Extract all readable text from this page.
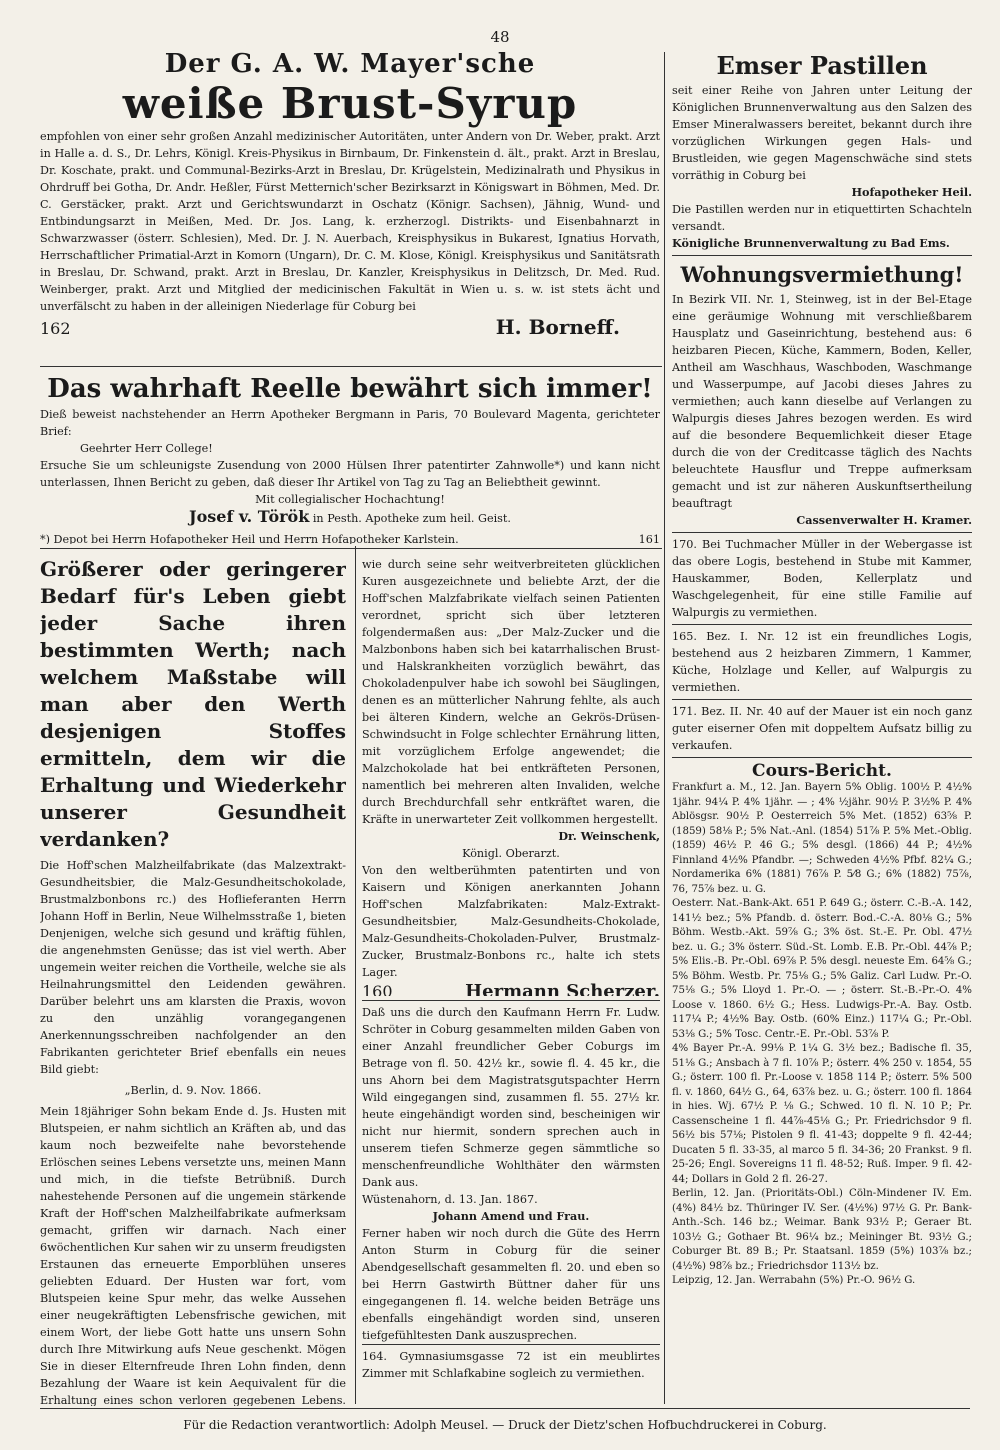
48

Der G. A. W. Mayer'sche

weiße Brust-Syrup

empfohlen von einer sehr großen Anzahl medizinischer Autoritäten, unter Andern von Dr. Weber, prakt. Arzt in Halle a. d. S., Dr. Lehrs, Königl. Kreis-Physikus in Birnbaum, Dr. Finkenstein d. ält., prakt. Arzt in Breslau, Dr. Koschate, prakt. und Communal-Bezirks-Arzt in Breslau, Dr. Krügelstein, Medizinalrath und Physikus in Ohrdruff bei Gotha, Dr. Andr. Heßler, Fürst Metternich'scher Bezirksarzt in Königswart in Böhmen, Med. Dr. C. Gerstäcker, prakt. Arzt und Gerichtswundarzt in Oschatz (Königr. Sachsen), Jähnig, Wund- und Entbindungsarzt in Meißen, Med. Dr. Jos. Lang, k. erzherzogl. Distrikts- und Eisenbahnarzt in Schwarzwasser (österr. Schlesien), Med. Dr. J. N. Auerbach, Kreisphysikus in Bukarest, Ignatius Horvath, Herrschaftlicher Primatial-Arzt in Komorn (Ungarn), Dr. C. M. Klose, Königl. Kreisphysikus und Sanitätsrath in Breslau, Dr. Schwand, prakt. Arzt in Breslau, Dr. Kanzler, Kreisphysikus in Delitzsch, Dr. Med. Rud. Weinberger, prakt. Arzt und Mitglied der medicinischen Fakultät in Wien u. s. w. ist stets ächt und unverfälscht zu haben in der alleinigen Niederlage für Coburg bei

162	H. Borneff.

Das wahrhaft Reelle bewährt sich immer!

Dieß beweist nachstehender an Herrn Apotheker Bergmann in Paris, 70 Boulevard Magenta, gerichteter Brief:

Geehrter Herr College!

Ersuche Sie um schleunigste Zusendung von 2000 Hülsen Ihrer patentirter Zahnwolle*) und kann nicht unterlassen, Ihnen Bericht zu geben, daß dieser Ihr Artikel von Tag zu Tag an Beliebtheit gewinnt.

Mit collegialischer Hochachtung!

Josef v. Török in Pesth. Apotheke zum heil. Geist.

*) Depot bei Herrn Hofapotheker Heil und Herrn Hofapotheker Karlstein.	161

Größerer oder geringerer Bedarf für's Leben giebt jeder Sache ihren bestimmten Werth; nach welchem Maßstabe will man aber den Werth desjenigen Stoffes ermitteln, dem wir die Erhaltung und Wiederkehr unserer Gesundheit verdanken?

Die Hoff'schen Malzheilfabrikate (das Malzextrakt-Gesundheitsbier, die Malz-Gesundheitschokolade, Brustmalzbonbons rc.) des Hoflieferanten Herrn Johann Hoff in Berlin, Neue Wilhelmsstraße 1, bieten Denjenigen, welche sich gesund und kräftig fühlen, die angenehmsten Genüsse; das ist viel werth. Aber ungemein weiter reichen die Vortheile, welche sie als Heilnahrungsmittel den Leidenden gewähren. Darüber belehrt uns am klarsten die Praxis, wovon zu den unzählig vorangegangenen Anerkennungsschreiben nachfolgender an den Fabrikanten gerichteter Brief ebenfalls ein neues Bild giebt:

„Berlin, d. 9. Nov. 1866.

Mein 18jähriger Sohn bekam Ende d. Js. Husten mit Blutspeien, er nahm sichtlich an Kräften ab, und das kaum noch bezweifelte nahe bevorstehende Erlöschen seines Lebens versetzte uns, meinen Mann und mich, in die tiefste Betrübniß. Durch nahestehende Personen auf die ungemein stärkende Kraft der Hoff'schen Malzheilfabrikate aufmerksam gemacht, griffen wir darnach. Nach einer 6wöchentlichen Kur sahen wir zu unserm freudigsten Erstaunen das erneuerte Emporblühen unseres geliebten Eduard. Der Husten war fort, vom Blutspeien keine Spur mehr, das welke Aussehen einer neugekräftigten Lebensfrische gewichen, mit einem Wort, der liebe Gott hatte uns unsern Sohn durch Ihre Mitwirkung aufs Neue geschenkt. Mögen Sie in dieser Elternfreude Ihren Lohn finden, denn Bezahlung der Waare ist kein Aequivalent für die Erhaltung eines schon verloren gegebenen Lebens.

wie durch seine sehr weitverbreiteten glücklichen Kuren ausgezeichnete und beliebte Arzt, der die Hoff'schen Malzfabrikate vielfach seinen Patienten verordnet, spricht sich über letzteren folgendermaßen aus: „Der Malz-Zucker und die Malzbonbons haben sich bei katarrhalischen Brust- und Halskrankheiten vorzüglich bewährt, das Chokoladenpulver habe ich sowohl bei Säuglingen, denen es an mütterlicher Nahrung fehlte, als auch bei älteren Kindern, welche an Gekrös-Drüsen-Schwindsucht in Folge schlechter Ernährung litten, mit vorzüglichem Erfolge angewendet; die Malzchokolade hat bei entkräfteten Personen, namentlich bei mehreren alten Invaliden, welche durch Brechdurchfall sehr entkräftet waren, die Kräfte in unerwarteter Zeit vollkommen hergestellt.

Dr. Weinschenk,

Königl. Oberarzt.

Von den weltberühmten patentirten und von Kaisern und Königen anerkannten Johann Hoff'schen Malzfabrikaten: Malz-Extrakt-Gesundheitsbier, Malz-Gesundheits-Chokolade, Malz-Gesundheits-Chokoladen-Pulver, Brustmalz-Zucker, Brustmalz-Bonbons rc., halte ich stets Lager.

160	Hermann Scherzer.

Daß uns die durch den Kaufmann Herrn Fr. Ludw. Schröter in Coburg gesammelten milden Gaben von einer Anzahl freundlicher Geber Coburgs im Betrage von fl. 50. 42½ kr., sowie fl. 4. 45 kr., die uns Ahorn bei dem Magistratsgutspachter Herrn Wild eingegangen sind, zusammen fl. 55. 27½ kr. heute eingehändigt worden sind, bescheinigen wir nicht nur hiermit, sondern sprechen auch in unserem tiefen Schmerze gegen sämmtliche so menschenfreundliche Wohlthäter den wärmsten Dank aus.

Wüstenahorn, d. 13. Jan. 1867.

Johann Amend und Frau.

Ferner haben wir noch durch die Güte des Herrn Anton Sturm in Coburg für die seiner Abendgesellschaft gesammelten fl. 20. und eben so bei Herrn Gastwirth Büttner daher für uns eingegangenen fl. 14. welche beiden Beträge uns ebenfalls eingehändigt worden sind, unseren tiefgefühltesten Dank auszusprechen.

164. Gymnasiumsgasse 72 ist ein meublirtes Zimmer mit Schlafkabine sogleich zu vermiethen.

Emser Pastillen

seit einer Reihe von Jahren unter Leitung der Königlichen Brunnenverwaltung aus den Salzen des Emser Mineralwassers bereitet, bekannt durch ihre vorzüglichen Wirkungen gegen Hals- und Brustleiden, wie gegen Magenschwäche sind stets vorräthig in Coburg bei

Hofapotheker Heil.

Die Pastillen werden nur in etiquettirten Schachteln versandt.

Königliche Brunnenverwaltung zu Bad Ems.

Wohnungsvermiethung!

In Bezirk VII. Nr. 1, Steinweg, ist in der Bel-Etage eine geräumige Wohnung mit verschließbarem Hausplatz und Gaseinrichtung, bestehend aus: 6 heizbaren Piecen, Küche, Kammern, Boden, Keller, Antheil am Waschhaus, Waschboden, Waschmange und Wasserpumpe, auf Jacobi dieses Jahres zu vermiethen; auch kann dieselbe auf Verlangen zu Walpurgis dieses Jahres bezogen werden. Es wird auf die besondere Bequemlichkeit dieser Etage durch die von der Creditcasse täglich des Nachts beleuchtete Hausflur und Treppe aufmerksam gemacht und ist zur näheren Auskunftsertheilung beauftragt

Cassenverwalter H. Kramer.

170. Bei Tuchmacher Müller in der Webergasse ist das obere Logis, bestehend in Stube mit Kammer, Hauskammer, Boden, Kellerplatz und Waschgelegenheit, für eine stille Familie auf Walpurgis zu vermiethen.

165. Bez. I. Nr. 12 ist ein freundliches Logis, bestehend aus 2 heizbaren Zimmern, 1 Kammer, Küche, Holzlage und Keller, auf Walpurgis zu vermiethen.

171. Bez. II. Nr. 40 auf der Mauer ist ein noch ganz guter eiserner Ofen mit doppeltem Aufsatz billig zu verkaufen.

Cours-Bericht.

Frankfurt a. M., 12. Jan. Bayern 5% Oblig. 100½ P. 4½% 1jähr. 94¼ P. 4% 1jähr. — ; 4% ½jähr. 90½ P. 3½% P. 4% Ablösgsr. 90½ P. Oesterreich 5% Met. (1852) 63⅝ P. (1859) 58⅛ P.; 5% Nat.-Anl. (1854) 51⅞ P. 5% Met.-Oblig. (1859) 46½ P. 46 G.; 5% desgl. (1866) 44 P.; 4½% Finnland 4½% Pfandbr. —; Schweden 4½% Pfbf. 82¼ G.; Nordamerika 6% (1881) 76⅞ P. 5⁄8 G.; 6% (1882) 75⅞, 76, 75⅞ bez. u. G.

Oesterr. Nat.-Bank-Akt. 651 P. 649 G.; österr. C.-B.-A. 142, 141½ bez.; 5% Pfandb. d. österr. Bod.-C.-A. 80⅛ G.; 5% Böhm. Westb.-Akt. 59⅞ G.; 3% öst. St.-E. Pr. Obl. 47½ bez. u. G.; 3% österr. Süd.-St. Lomb. E.B. Pr.-Obl. 44⅞ P.; 5% Elis.-B. Pr.-Obl. 69⅞ P. 5% desgl. neueste Em. 64⅝ G.; 5% Böhm. Westb. Pr. 75⅛ G.; 5% Galiz. Carl Ludw. Pr.-O. 75⅛ G.; 5% Lloyd 1. Pr.-O. — ; österr. St.-B.-Pr.-O. 4% Loose v. 1860. 6½ G.; Hess. Ludwigs-Pr.-A. Bay. Ostb. 117¼ P.; 4½% Bay. Ostb. (60% Einz.) 117¼ G.; Pr.-Obl. 53⅛ G.; 5% Tosc. Centr.-E. Pr.-Obl. 53⅞ P.

4% Bayer Pr.-A. 99⅛ P. 1¼ G. 3½ bez.; Badische fl. 35, 51⅛ G.; Ansbach à 7 fl. 10⅞ P.; österr. 4% 250 v. 1854, 55 G.; österr. 100 fl. Pr.-Loose v. 1858 114 P.; österr. 5% 500 fl. v. 1860, 64½ G., 64, 63⅞ bez. u. G.; österr. 100 fl. 1864 in hies. Wj. 67½ P. ⅛ G.; Schwed. 10 fl. N. 10 P.; Pr. Cassenscheine 1 fl. 44⅞-45⅛ G.; Pr. Friedrichsdor 9 fl. 56½ bis 57⅛; Pistolen 9 fl. 41-43; doppelte 9 fl. 42-44; Ducaten 5 fl. 33-35, al marco 5 fl. 34-36; 20 Frankst. 9 fl. 25-26; Engl. Sovereigns 11 fl. 48-52; Ruß. Imper. 9 fl. 42-44; Dollars in Gold 2 fl. 26-27.

Berlin, 12. Jan. (Prioritäts-Obl.) Cöln-Mindener IV. Em. (4%) 84½ bz. Thüringer IV. Ser. (4½%) 97½ G. Pr. Bank-Anth.-Sch. 146 bz.; Weimar. Bank 93½ P.; Geraer Bt. 103½ G.; Gothaer Bt. 96¼ bz.; Meininger Bt. 93½ G.; Coburger Bt. 89 B.; Pr. Staatsanl. 1859 (5%) 103⅞ bz.; (4½%) 98⅞ bz.; Friedrichsdor 113½ bz.

Leipzig, 12. Jan. Werrabahn (5%) Pr.-O. 96½ G.

Für die Redaction verantwortlich: Adolph Meusel. — Druck der Dietz'schen Hofbuchdruckerei in Coburg.
